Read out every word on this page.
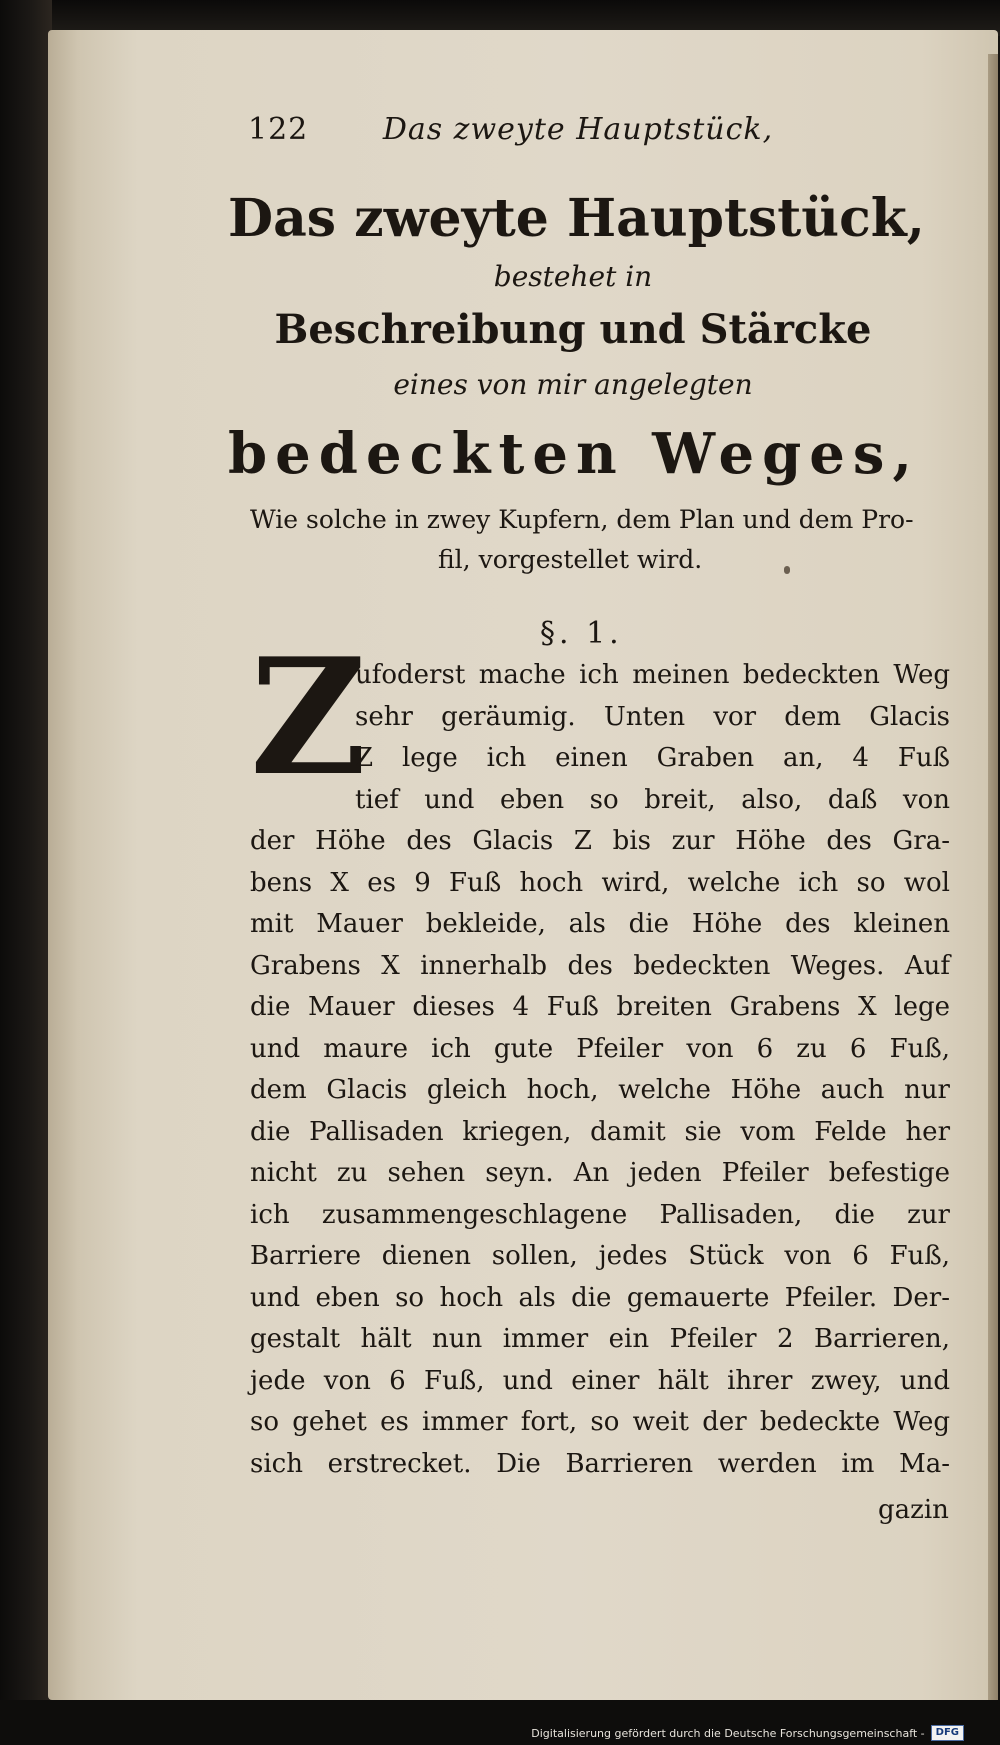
122 Das zweyte Hauptstück,
Das zweyte Hauptstück,
bestehet in
Beschreibung und Stärcke
eines von mir angelegten
bedeckten Weges,
Wie solche in zwey Kupfern, dem Plan und dem Pro-
fil, vorgestellet wird.
§. 1.
Z
ufoderst mache ich meinen bedeckten Weg
sehr geräumig. Unten vor dem Glacis
Z lege ich einen Graben an, 4 Fuß
tief und eben so breit, also, daß von
der Höhe des Glacis Z bis zur Höhe des Gra-
bens X es 9 Fuß hoch wird, welche ich so wol
mit Mauer bekleide, als die Höhe des kleinen
Grabens X innerhalb des bedeckten Weges. Auf
die Mauer dieses 4 Fuß breiten Grabens X lege
und maure ich gute Pfeiler von 6 zu 6 Fuß,
dem Glacis gleich hoch, welche Höhe auch nur
die Pallisaden kriegen, damit sie vom Felde her
nicht zu sehen seyn. An jeden Pfeiler befestige
ich zusammengeschlagene Pallisaden, die zur
Barriere dienen sollen, jedes Stück von 6 Fuß,
und eben so hoch als die gemauerte Pfeiler. Der-
gestalt hält nun immer ein Pfeiler 2 Barrieren,
jede von 6 Fuß, und einer hält ihrer zwey, und
so gehet es immer fort, so weit der bedeckte Weg
sich erstrecket. Die Barrieren werden im Ma-
gazin
Digitalisierung gefördert durch die Deutsche Forschungsgemeinschaft -	DFG
